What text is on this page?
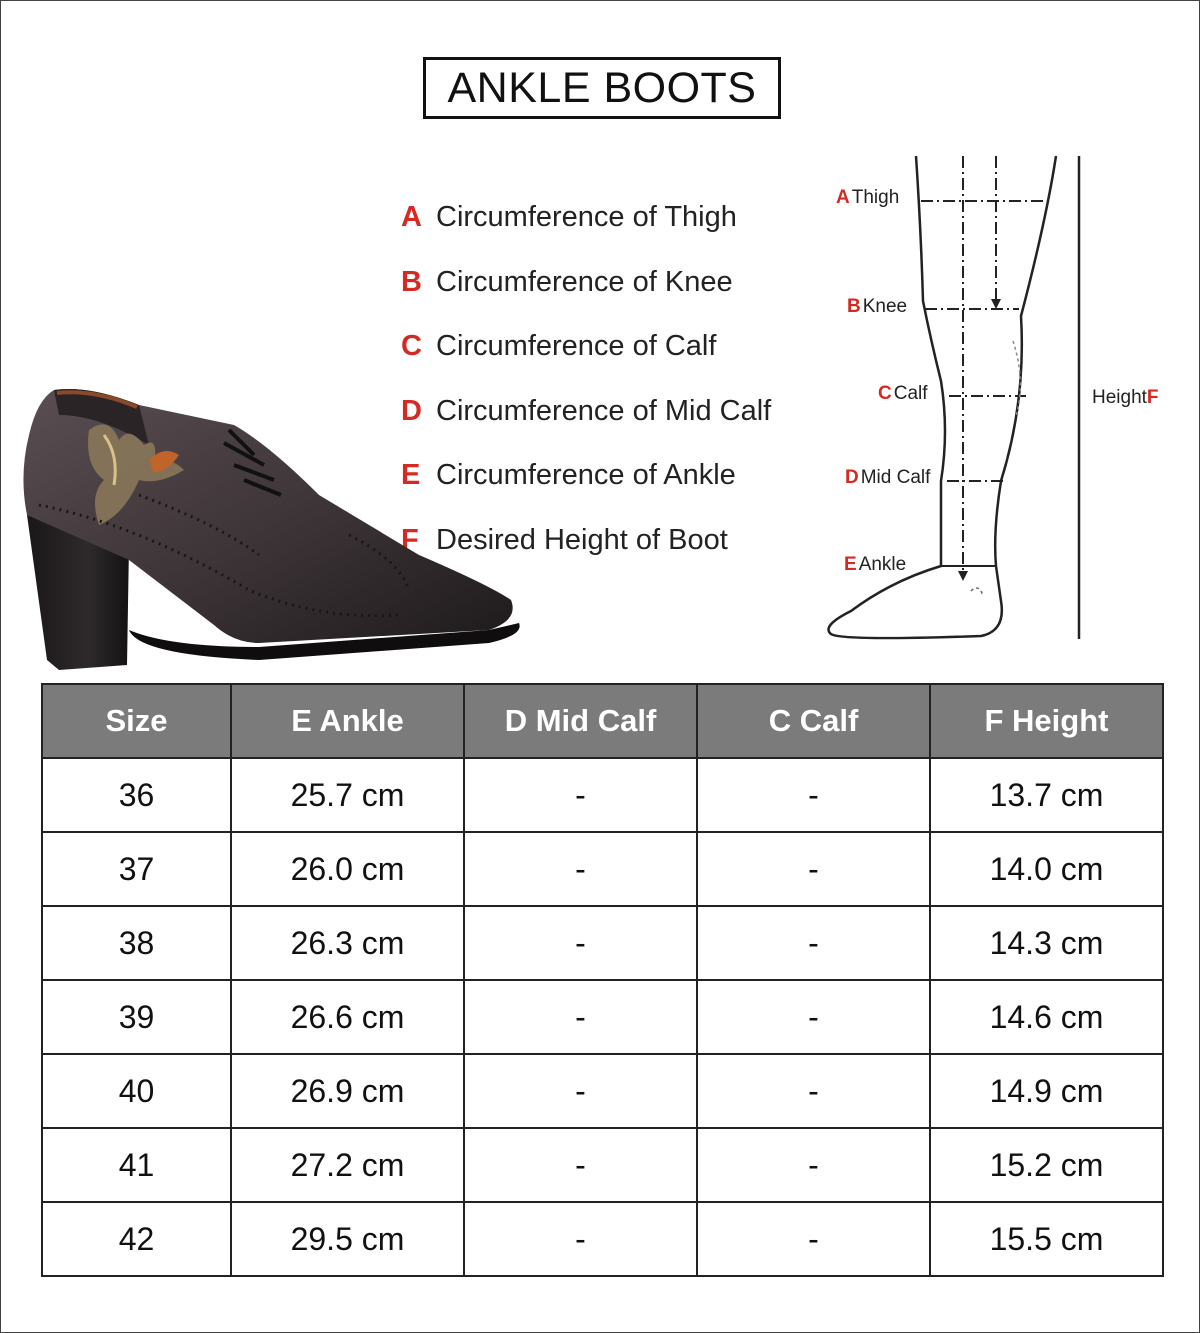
ANKLE BOOTS
A Circumference of Thigh
B Circumference of Knee
C Circumference of Calf
D Circumference of Mid Calf
E Circumference of Ankle
F Desired Height of Boot
A Thigh
B Knee
C Calf
D Mid Calf
E Ankle
HeightF
Size	E Ankle	D Mid Calf	C Calf	F Height
36	25.7 cm	-	-	13.7 cm
37	26.0 cm	-	-	14.0 cm
38	26.3 cm	-	-	14.3 cm
39	26.6 cm	-	-	14.6 cm
40	26.9 cm	-	-	14.9 cm
41	27.2 cm	-	-	15.2 cm
42	29.5 cm	-	-	15.5 cm
